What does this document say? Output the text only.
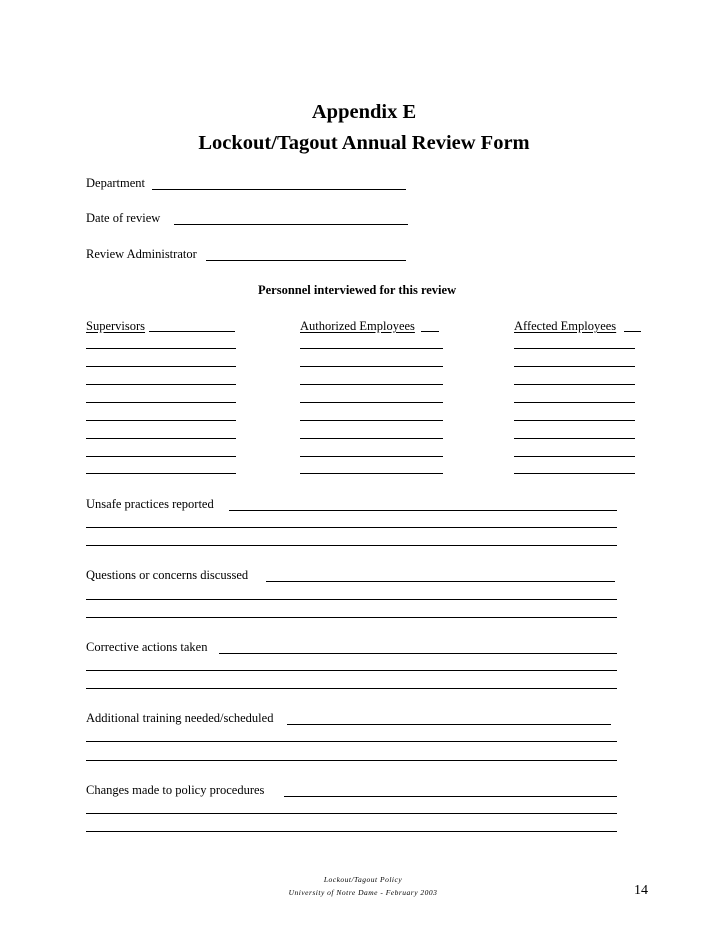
Appendix E
Lockout/Tagout Annual Review Form
Department
Date of review
Review Administrator
Personnel interviewed for this review
Supervisors	Authorized Employees	Affected Employees
Unsafe practices reported
Questions or concerns discussed
Corrective actions taken
Additional training needed/scheduled
Changes made to policy procedures
Lockout/Tagout Policy
University of Notre Dame - February 2003	14
